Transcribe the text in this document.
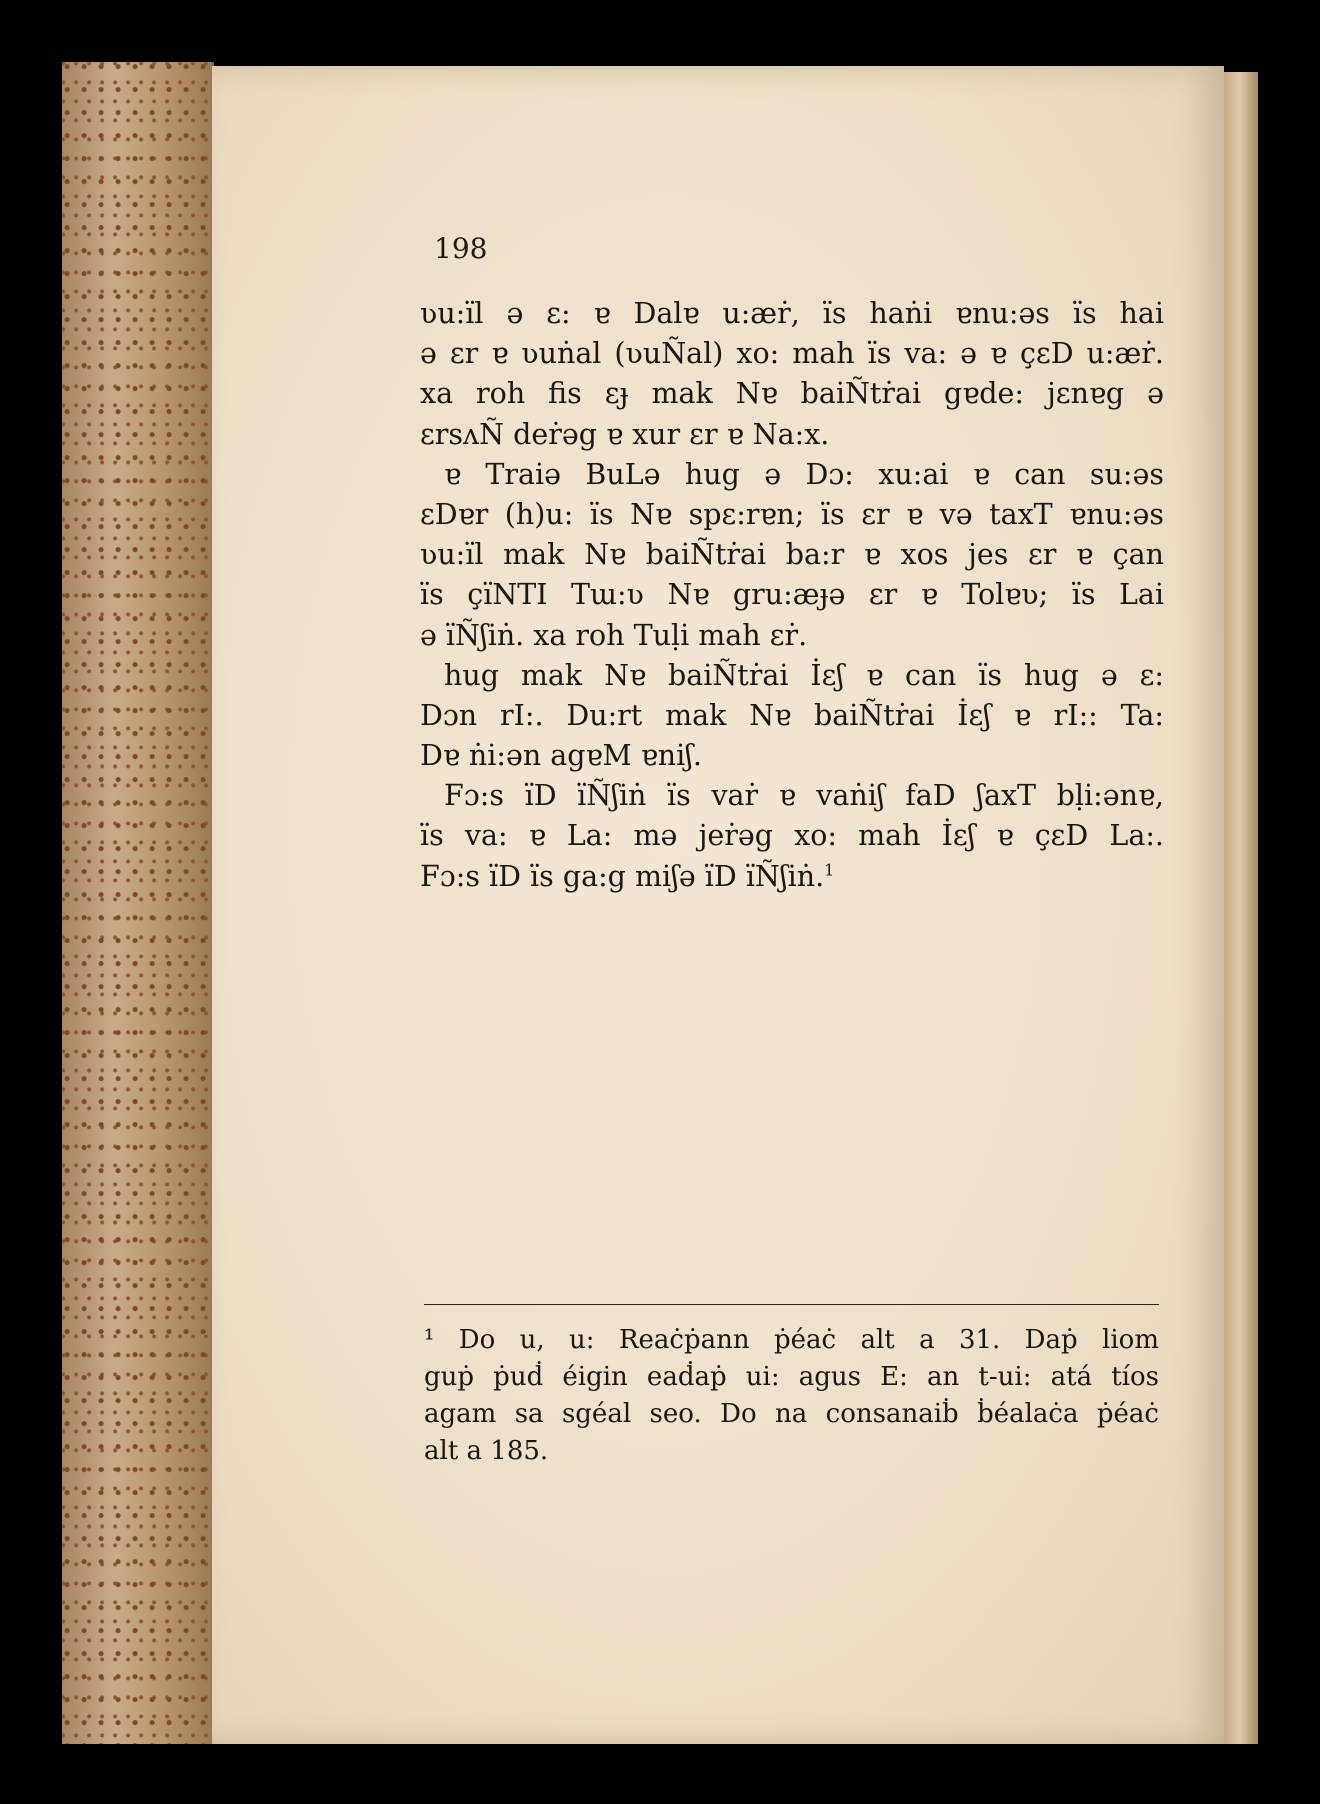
198

ʋu:ïl ə ɛ: ɐ Dalɐ u:æṙ, ïs haṅi ɐnu:əs ïs hai
ə ɛr ɐ ʋuṅal (ʋuÑal) xo: mah ïs va: ə ɐ çɛD u:æṙ.
xa roh fis ɛɟ mak Nɐ baiÑtṙai gɐde: jɛnɐg ə
ɛrsʌÑ deṙəg ɐ xur ɛr ɐ Na:x.
ɐ Traiə BuLə hug ə Dɔ: xu:ai ɐ can su:əs
ɛDɐr (h)u: ïs Nɐ spɛ:rɐn; ïs ɛr ɐ və taxT ɐnu:əs
ʋu:ïl mak Nɐ baiÑtṙai ba:r ɐ xos jes ɛr ɐ çan
ïs çïNTI Tɯ:ʋ Nɐ gru:æɟə ɛr ɐ Tolɐʋ; ïs Lai
ə ïÑʃiṅ. xa roh Tuḷi mah ɛṙ.
hug mak Nɐ baiÑtṙai İɛʃ ɐ can ïs hug ə ɛ:
Dɔn rI:. Du:rt mak Nɐ baiÑtṙai İɛʃ ɐ rI:: Ta:
Dɐ ṅi:ən agɐM ɐniʃ.
Fɔ:s ïD ïÑʃiṅ ïs vaṙ ɐ vaṅiʃ faD ʃaxT bḷi:ənɐ,
ïs va: ɐ La: mə jeṙəg xo: mah İɛʃ ɐ çɛD La:.
Fɔ:s ïD ïs ga:g miʃə ïD ïÑʃiṅ.$^1$
¹ Do u, u: Reaċṗann ṗéaċ alt a 31. Daṗ liom
guṗ ṗuḋ éigin eaḋaṗ ui: agus E: an t-ui: atá tíos
agam sa sgéal seo. Do na consanaiḃ ḃéalaċa ṗéaċ
alt a 185.
